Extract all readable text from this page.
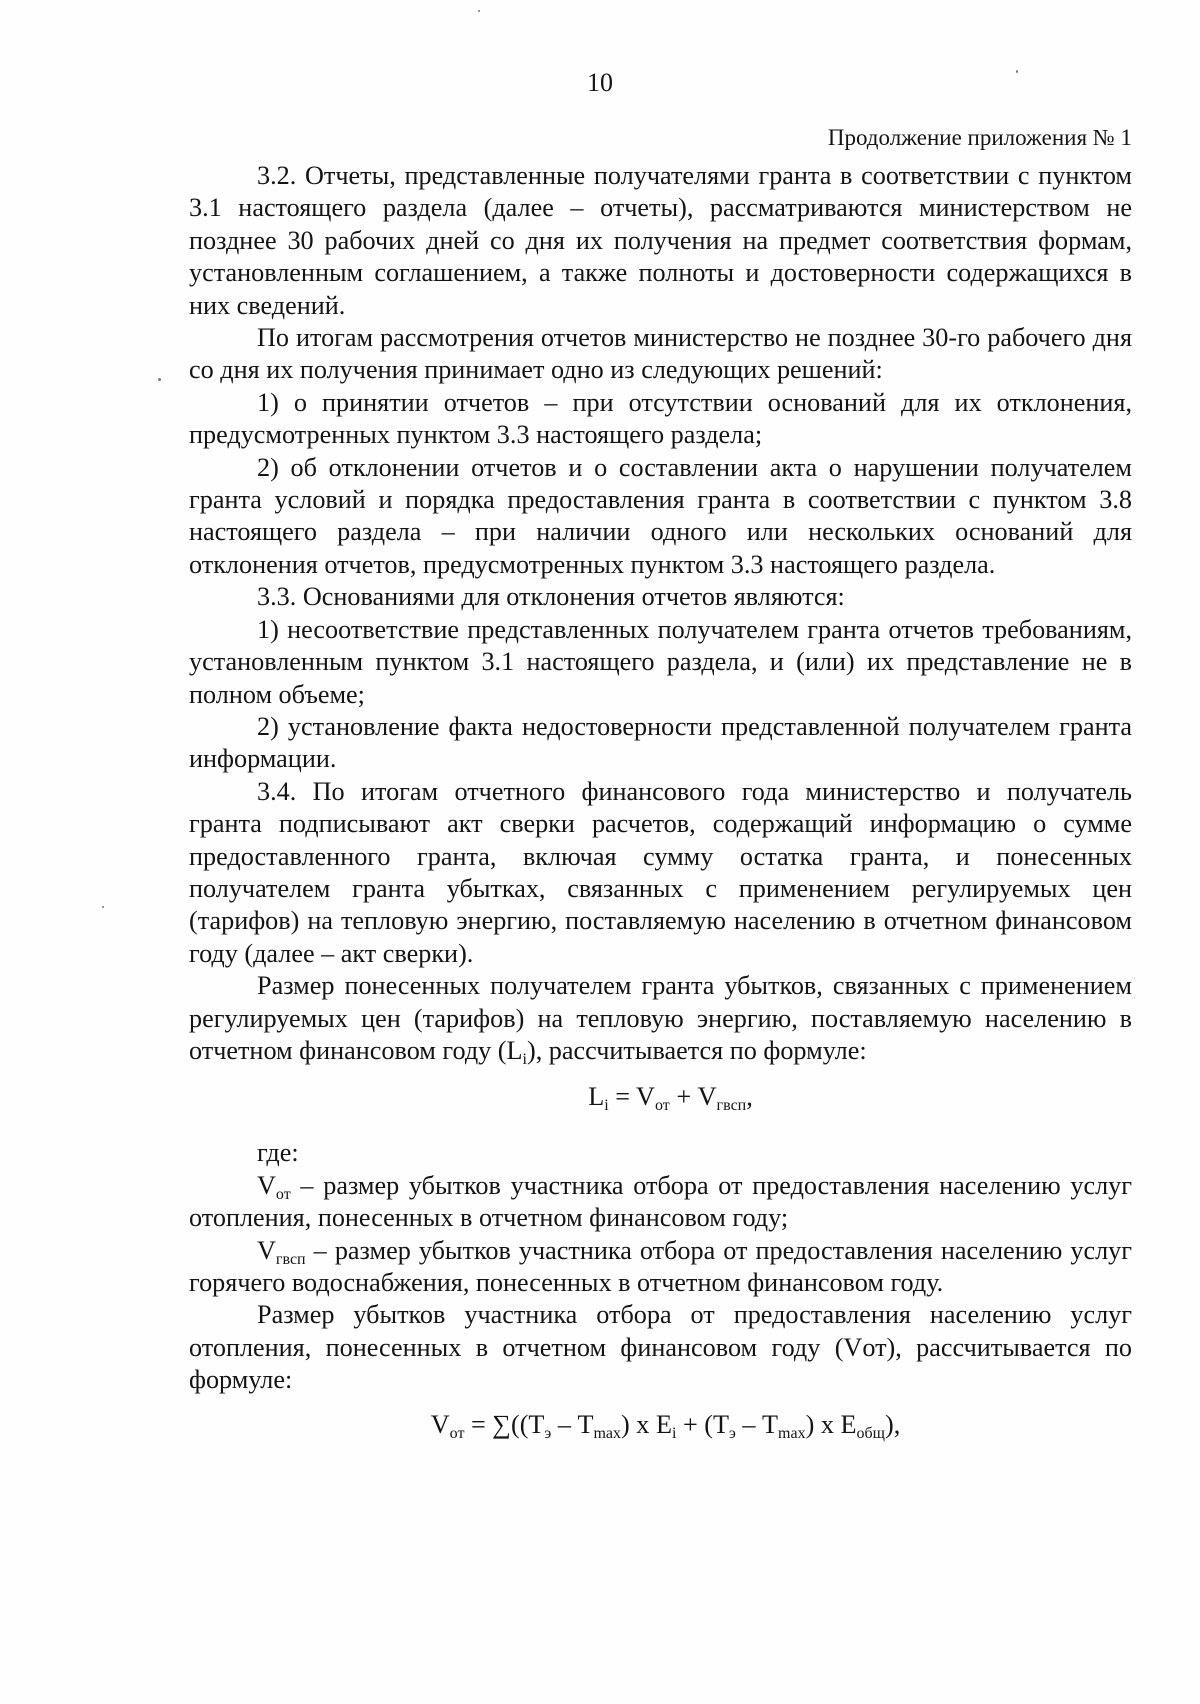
10
Продолжение приложения № 1

3.2. Отчеты, представленные получателями гранта в соответствии с пунктом 3.1 настоящего раздела (далее – отчеты), рассматриваются министерством не позднее 30 рабочих дней со дня их получения на предмет соответствия формам, установленным соглашением, а также полноты и достоверности содержащихся в них сведений.

По итогам рассмотрения отчетов министерство не позднее 30-го рабочего дня со дня их получения принимает одно из следующих решений:

1) о принятии отчетов – при отсутствии оснований для их отклонения, предусмотренных пунктом 3.3 настоящего раздела;

2) об отклонении отчетов и о составлении акта о нарушении получателем гранта условий и порядка предоставления гранта в соответствии с пунктом 3.8 настоящего раздела – при наличии одного или нескольких оснований для отклонения отчетов, предусмотренных пунктом 3.3 настоящего раздела.

3.3. Основаниями для отклонения отчетов являются:

1) несоответствие представленных получателем гранта отчетов требованиям, установленным пунктом 3.1 настоящего раздела, и (или) их представление не в полном объеме;

2) установление факта недостоверности представленной получателем гранта информации.

3.4. По итогам отчетного финансового года министерство и получатель гранта подписывают акт сверки расчетов, содержащий информацию о сумме предоставленного гранта, включая сумму остатка гранта, и понесенных получателем гранта убытках, связанных с применением регулируемых цен (тарифов) на тепловую энергию, поставляемую населению в отчетном финансовом году (далее – акт сверки).

Размер понесенных получателем гранта убытков, связанных с применением регулируемых цен (тарифов) на тепловую энергию, поставляемую населению в отчетном финансовом году $(L_i)$, рассчитывается по формуле:

$L_i = V_{от} + V_{гвсп}$,

где:

$V_{от}$ – размер убытков участника отбора от предоставления населению услуг отопления, понесенных в отчетном финансовом году;

$V_{гвсп}$ – размер убытков участника отбора от предоставления населению услуг горячего водоснабжения, понесенных в отчетном финансовом году.

Размер убытков участника отбора от предоставления населению услуг отопления, понесенных в отчетном финансовом году (Vот), рассчитывается по формуле:

$V_{от} = \sum((Т_э - Т_{max})$ х $Е_i + (Т_э - Т_{max})$ х $Е_{общ}$),
